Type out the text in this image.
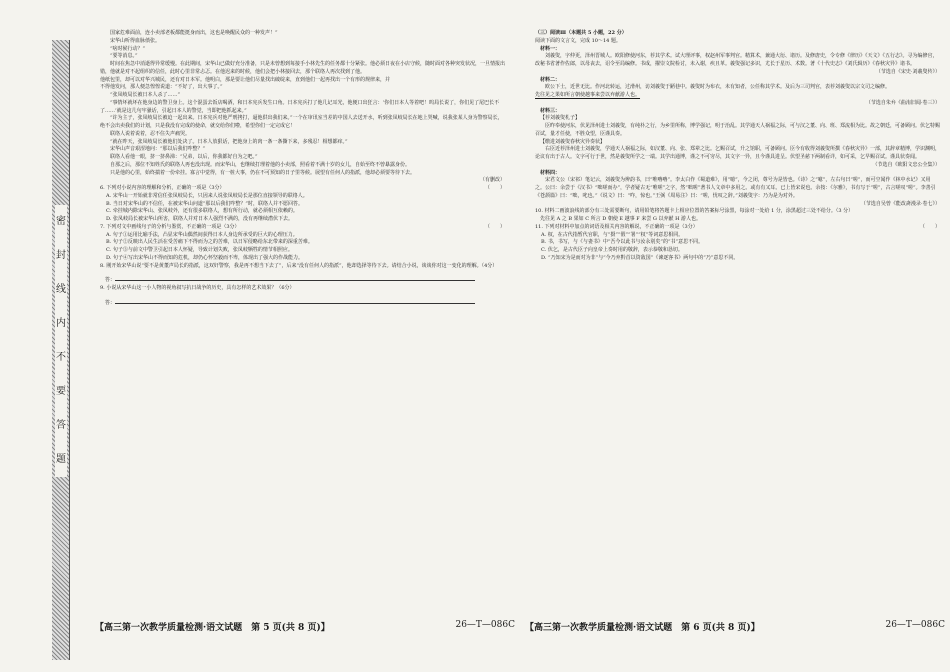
密 封 线 内 不 要 答 题

国家危难面前，连小卖部老板都能挺身而出，这也是唤醒民众的一种发声！”

宋华山听得血脉偾张。

“啥时候行动？”

“要等消息。”

时间在焦急中消逝得异常缓慢。在此期间，宋华山已做好充分准备，只是未曾想到每接手小林先生的任务都十分紧张。他必须日夜在小店守候，随时面对各种突发状况，一旦情报出错，他就是对不起组织的信任，此时心里非常忐忑。在他迟来的时候，他们会把小林接回去，那个联络人再次找到了他。

他纸包里，却可以对华兴城民，还有对日本军。他明白，那是要让他们尽量找出破绽来，直到他们一起再找出一个有形的规律来，并

不得他发问，那人便急惶惶说道：“不好了，出大事了。”

“张凤岐局长被日本人杀了……”

“事情坏就坏在他身边的警卫身上。这个混蛋去饭店喝酒，和日本宪兵发生口角。日本宪兵打了他几记耳光，他便口出狂言：‘你们日本人等着吧！呜局长说了，你们见了尾巴长不了……’就是这几句牢骚话，引起日本人的警觉，当即把他抓起来。”

“许为主子，张凤岐局长被迫一起出来。日本宪兵对他严刑拷打，逼他供出我们来。”一个在审讯室当差的中国人去送开水，听到张凤岐局长在地上哭喊，说我张某人身为警察局长，绝不会出卖我们的计划，只是我没有完成的使命，就交给你们啦，希望你们一定完成它！

联络人说着说着，忍不住失声痛哭。

“就在昨天，张凤岐局长被他们处决了。日本人放狠话，把他身上的肉一条一条撕下来，多残忍！相想都痒。”

宋华山声音艰涩地问：“那以后我们咋整？”

联络人看他一眼，挤一挤鼻涕：“兄弟，以后，你我都好自为之吧。”

自那之后，那位不知姓氏的联络人再也没出现。而宋华山，也继续打理着他的小卖部，照看着不满十岁的女儿，自始至终不曾暴露身份。

只是他的心里，始终揣着一份牵挂。寡言中觉得，有一桩大事，仍在不可预知的日子里等候。展望有任何人的指派，他却必须要等待下去。

（有删改）

6. 下列对小说内容的理解和分析，正确的一项是（3分）	（　　）

A. 宋华山一开始就非常信任张凤岐局长，只因来人说张凤岐局长是那位直接领导的联络人。

B. 当日对宋华山的不信任，在被宋华山问道“那以后我们咋整？”时，联络人并不愿回答。

C. 牵挂城内除宋华山、张凤岐外，还有很多联络人，想有所行动，就必须相互依赖的。

D. 张凤岐局长被宋华山所害，联络人并对日本人强烈不满的，没有再继续潜伏下去。

7. 下列对文中画线句子的分析与鉴赏，不正确的一项是（3分）	（　　）

A. 句子①运用比喻手法，凸显宋华山偶然间获得日本人身边所承受的巨大的心理压力。

B. 句子②反映出人民生活在受苦痛下不得而为之的苦难，以日军侵略给东北带来的深重苦难。

C. 句子③与前文中警卫引起日本人怀疑，导致计划失败，张凤岐牺牲的情节相照应。

D. 句子④写出宋华山不得而知的危机，却仍心怀坚毅而不卑，体现出了强大的作战能力。

8. 刚开始宋华山说“要不是黄董声局长的指派，这双奸警察，我是再不想当下去了”，后来“没有任何人的指派”，他却选择等待下去。请结合小说，谈谈你对这一变化的理解。（4分）

答：

9. 小说从宋华山这一小人物的视角叙写抗日战争的历史，具有怎样的艺术效果？（6分）

答：

【高三第一次教学质量检测·语文试题　第 5 页(共 8 页)】	26—T—086C

（三）阅读Ⅲ（本题共 5 小题，22 分）

阅读下面的文言文，完成 10～14 题。

材料一：

刘羲叟，字仲更，泽州晋城人。欧阳修使河东，荐其学术。试大理评事，权赵州军事判官。精算术，兼通大衍、诸历。及修唐史，令专修《律历》《天文》《五行志》。寻为编修官，改秘书省著作佐郎，以母丧去，诏令至局编修。书成，擢崇文院检讨，未入谢，疾且革。羲叟强记多识，尤长于星历、术数。著《十代史志》《刘氏辑历》《春秋灾异》诸书。

（节选自《宋史·刘羲叟传》）

材料二：

欧公下士，近世无比。作河北转运，过滑州，访刘羲叟于陋巷中。羲叟时为布衣，未有知者，公任称其学术。及后为三司判官，表荐刘羲叟以宗文司之编修。

先往见之果如所言朝使越事来尝以弃献游人也。

（节选自朱弁《曲洧旧闻·卷三》）

材料三：

【荐刘羲叟札子】

臣昨奉使河东，伏见泽州进士刘羲叟，有纯朴之行，为乡里所称，博学强记，明于治乱。其学通天人祸福之际，可与汉之董、向、班、郑流相为比。故之朝廷，可备顾问。伏乞特赐召试，量才任使，不胜众望，臣谨具奏。

【缴进刘羲叟春秋灾异奏状】

右臣近荐泽州进士刘羲叟，学通天人祸福之际，如汉董、向、张、郑辈之比。乞赐召试，升之馆职，可备顾问。臣今有收得刘羲叟所撰《春秋灾异》一部，其辞章精博，学识渊明，论议有出于古人。文字可行于世，然是羲叟所学之一端。其学出通博，谨之不可穷尽，其文字一异，且今谨具进呈。伏望圣慈下两制看详，如可采，乞早赐召试。谨具状奏闻。

（节选自《欧阳文忠公全集》）

材料四：

宋君文公（宋祁）笔记云，刘羲叟为辨韵书，曰“唯嚕嚕”。李太白作《蜀道难》，用“噫”，今之闭，尊号为是皆也。《诗》之“噫”，左右句曰“嗟”，而可空闻作《林中水记》又用之。公曰：余尝于《汉书》“咄嗟而办”，学者疑古无“唯嗟”之字，然“咄嗟”著书人文章中多用之。或有有又耳。已上皆宋说也。余按：《尔雅》，书有写于“嗟”，古言嗟叹“嗟”。李善引《苍颉篇》曰：“咄，叱也。”《说文》曰：“咋，惊也。”王弼《周易注》曰：“嗟，忧叹之辞。”刘羲叟字：乃为是为对外。

（节选自吴曾《能改斋漫录·卷七》）

10. 材料二画波浪线的部分有三处需要断句，请用铅笔将答题卡上相应位置的答案标号涂黑，每涂对一处给 1 分，涂黑超过三处不给分。（3 分）

先往见 A 之 B 果如 C 所言 D 朝使 E 越事 F 来尝 G 以弃献 H 游人也。

11. 下列对材料中加点的词语及相关内容的解说，不正确的一项是（3分）	（　　）

A. 权，在古代指暂代官职，与“摄”“假”“署”“权”等词意思相同。

B. 书，书写，与《与妻书》中“吾今以此书与汝永别矣”的“书”意思不同。

C. 伏乞，是古代臣子向皇帝上奏时用的敬辞，表示恭敬和恳切。

D. “乃知宋为是而对为非”与“今乃弃黔首以资敌国”《谏逐客书》两句中的“乃”意思不同。

【高三第一次教学质量检测·语文试题　第 6 页(共 8 页)】	26—T—086C
